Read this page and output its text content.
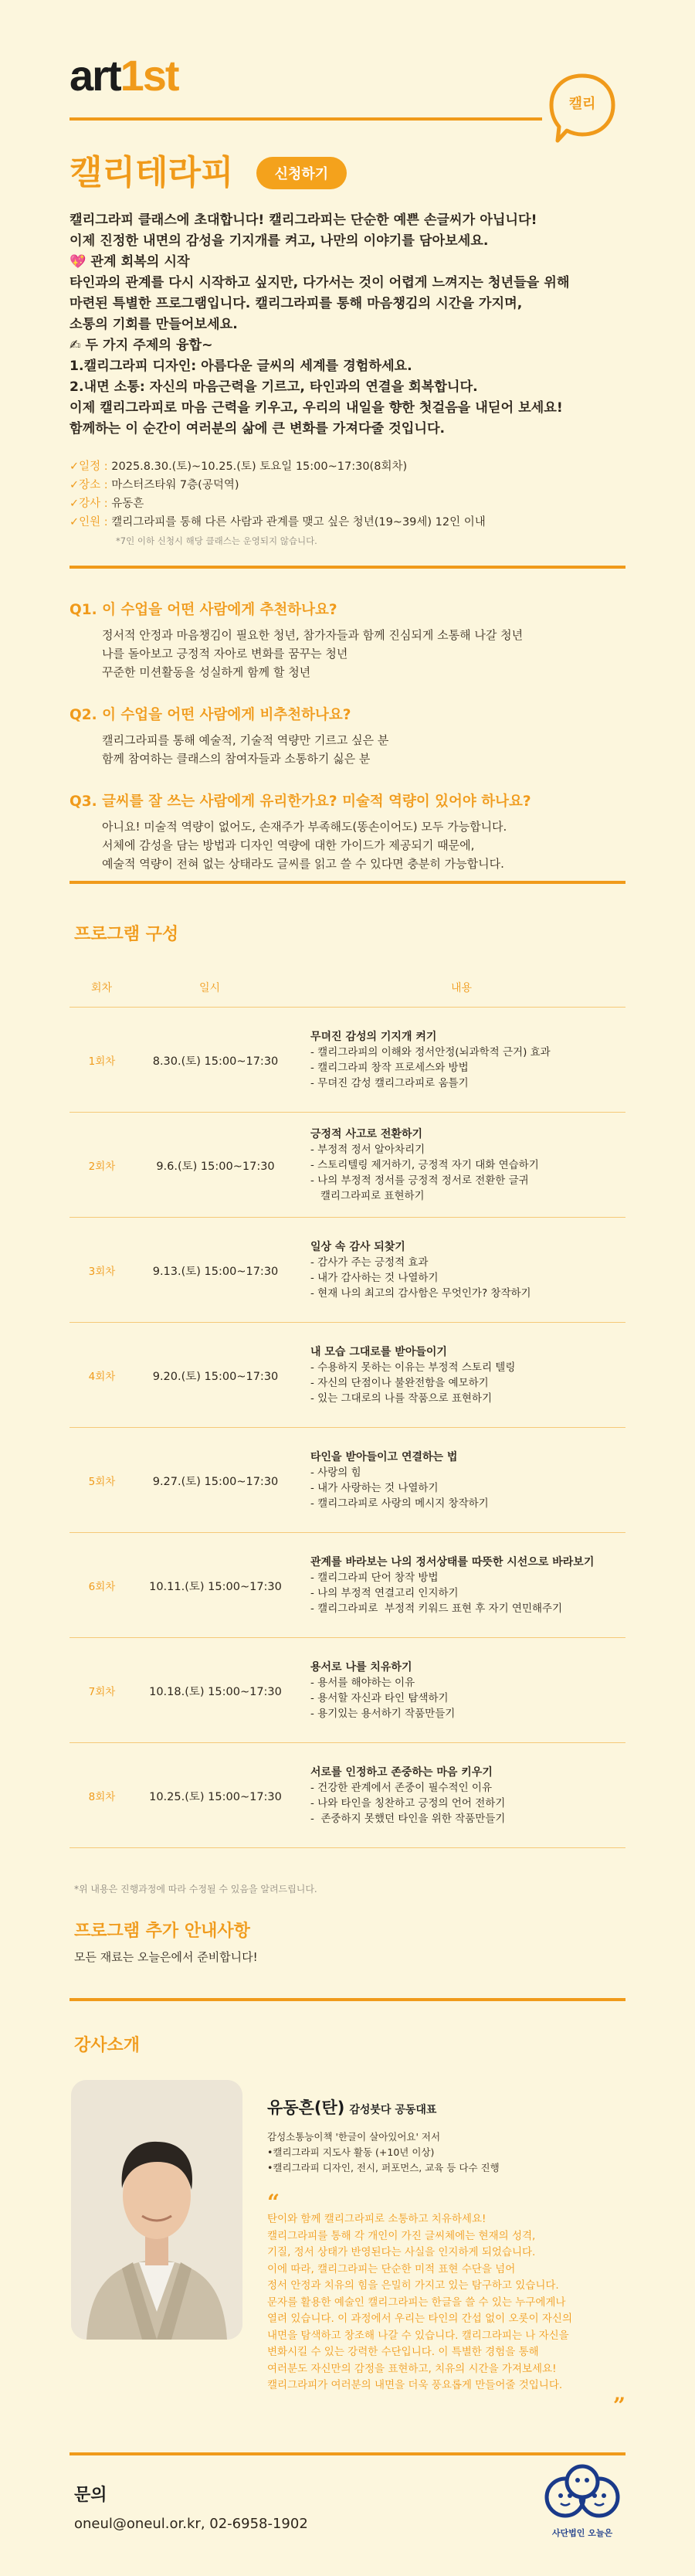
art1st
캘리
캘리테라피	신청하기
캘리그라피 클래스에 초대합니다! 캘리그라피는 단순한 예쁜 손글씨가 아닙니다!
이제 진정한 내면의 감성을 기지개를 켜고, 나만의 이야기를 담아보세요.
💖 관계 회복의 시작
타인과의 관계를 다시 시작하고 싶지만, 다가서는 것이 어렵게 느껴지는 청년들을 위해
마련된 특별한 프로그램입니다. 캘리그라피를 통해 마음챙김의 시간을 가지며,
소통의 기회를 만들어보세요.
✍ 두 가지 주제의 융합~
1.캘리그라피 디자인: 아름다운 글씨의 세계를 경험하세요.
2.내면 소통: 자신의 마음근력을 기르고, 타인과의 연결을 회복합니다.
이제 캘리그라피로 마음 근력을 키우고, 우리의 내일을 향한 첫걸음을 내딛어 보세요!
함께하는 이 순간이 여러분의 삶에 큰 변화를 가져다줄 것입니다.
✓일정 : 2025.8.30.(토)~10.25.(토) 토요일 15:00~17:30(8회차)
✓장소 : 마스터즈타워 7층(공덕역)
✓강사 : 유동흔
✓인원 : 캘리그라피를 통해 다른 사람과 관계를 맺고 싶은 청년(19~39세) 12인 이내
*7인 이하 신청시 해당 클래스는 운영되지 않습니다.
Q1. 이 수업을 어떤 사람에게 추천하나요?
정서적 안정과 마음챙김이 필요한 청년, 참가자들과 함께 진심되게 소통해 나갈 청년
나를 돌아보고 긍정적 자아로 변화를 꿈꾸는 청년
꾸준한 미션활동을 성실하게 함께 할 청년
Q2. 이 수업을 어떤 사람에게 비추천하나요?
캘리그라피를 통해 예술적, 기술적 역량만 기르고 싶은 분
함께 참여하는 클래스의 참여자들과 소통하기 싫은 분
Q3. 글씨를 잘 쓰는 사람에게 유리한가요? 미술적 역량이 있어야 하나요?
아니요! 미술적 역량이 없어도, 손재주가 부족해도(똥손이어도) 모두 가능합니다.
서체에 감성을 담는 방법과 디자인 역량에 대한 가이드가 제공되기 때문에,
예술적 역량이 전혀 없는 상태라도 글씨를 읽고 쓸 수 있다면 충분히 가능합니다.
프로그램 구성
회차	일시	내용
1회차	8.30.(토) 15:00~17:30
무뎌진 감성의 기지개 켜기
- 캘리그라피의 이해와 정서안정(뇌과학적 근거) 효과
- 캘리그라피 창작 프로세스와 방법
- 무뎌진 감성 캘리그라피로 움틀기
2회차	9.6.(토) 15:00~17:30
긍정적 사고로 전환하기
- 부정적 정서 알아차리기
- 스토리텔링 제거하기, 긍정적 자기 대화 연습하기
- 나의 부정적 정서를 긍정적 정서로 전환한 글귀
캘리그라피로 표현하기
3회차	9.13.(토) 15:00~17:30
일상 속 감사 되찾기
- 감사가 주는 긍정적 효과
- 내가 감사하는 것 나열하기
- 현재 나의 최고의 감사함은 무엇인가? 창작하기
4회차	9.20.(토) 15:00~17:30
내 모습 그대로를 받아들이기
- 수용하지 못하는 이유는 부정적 스토리 텔링
- 자신의 단점이나 불완전함을 예모하기
- 있는 그대로의 나를 작품으로 표현하기
5회차	9.27.(토) 15:00~17:30
타인을 받아들이고 연결하는 법
- 사랑의 힘
- 내가 사랑하는 것 나열하기
- 캘리그라피로 사랑의 메시지 창작하기
6회차	10.11.(토) 15:00~17:30
관계를 바라보는 나의 정서상태를 따뜻한 시선으로 바라보기
- 캘리그라피 단어 창작 방법
- 나의 부정적 연결고리 인지하기
- 캘리그라피로  부정적 키워드 표현 후 자기 연민해주기
7회차	10.18.(토) 15:00~17:30
용서로 나를 치유하기
- 용서를 해야하는 이유
- 용서할 자신과 타인 탐색하기
- 용기있는 용서하기 작품만들기
8회차	10.25.(토) 15:00~17:30
서로를 인정하고 존중하는 마음 키우기
- 건강한 관계에서 존중이 필수적인 이유
- 나와 타인을 칭찬하고 긍정의 언어 전하기
-  존중하지 못했던 타인을 위한 작품만들기
*위 내용은 진행과정에 따라 수정될 수 있음을 알려드립니다.
프로그램 추가 안내사항
모든 재료는 오늘은에서 준비합니다!
강사소개
유동흔(탄) 감성붓다 공동대표
감성소통능이책 '한글이 살아있어요' 저서
•캘리그라피 지도사 활동 (+10년 이상)
•캘리그라피 디자인, 전시, 퍼포먼스, 교육 등 다수 진행
“
탄이와 함께 캘리그라피로 소통하고 치유하세요!
캘리그라피를 통해 각 개인이 가진 글씨체에는 현재의 성격,
기질, 정서 상태가 반영된다는 사실을 인지하게 되었습니다.
이에 따라, 캘리그라피는 단순한 미적 표현 수단을 넘어
정서 안정과 치유의 힘을 은밀히 가지고 있는 탐구하고 있습니다.
문자를 활용한 예술인 캘리그라피는 한글을 쓸 수 있는 누구에게나
열려 있습니다. 이 과정에서 우리는 타인의 간섭 없이 오롯이 자신의
내면을 탐색하고 창조해 나갈 수 있습니다. 캘리그라피는 나 자신을
변화시킬 수 있는 강력한 수단입니다. 이 특별한 경험을 통해
여러분도 자신만의 감정을 표현하고, 치유의 시간을 가져보세요!
캘리그라피가 여러분의 내면을 더욱 풍요롭게 만들어줄 것입니다.
”
문의
oneul@oneul.or.kr, 02-6958-1902
사단법인 오늘은
